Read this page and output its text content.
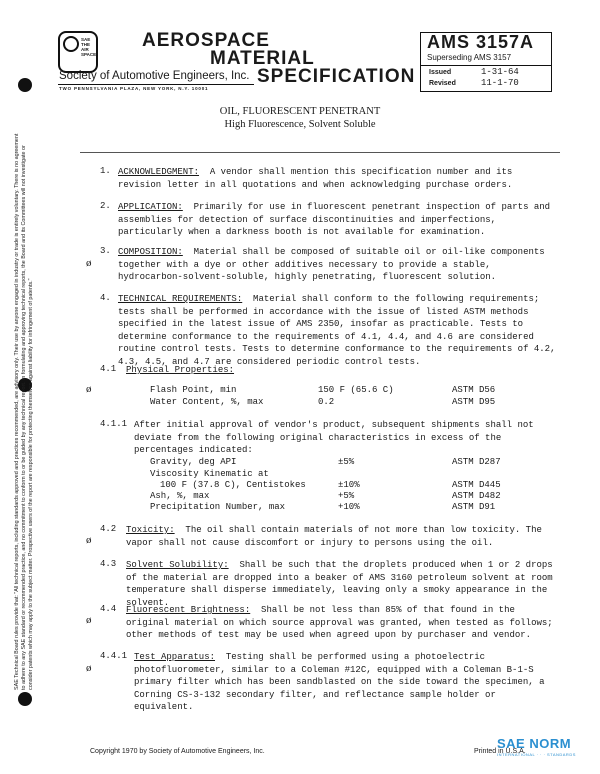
SAE
THE
AIR
SPACE
AEROSPACE
MATERIAL
SPECIFICATION
Society of Automotive Engineers, Inc.
TWO PENNSYLVANIA PLAZA, NEW YORK, N.Y. 10001
AMS 3157A
Superseding AMS 3157
Issued	1-31-64
Revised	11-1-70
OIL, FLUORESCENT PENETRANT
High Fluorescence, Solvent Soluble
SAE Technical Board rules provide that: "All technical reports, including standards approved and practices recommended, are advisory only. Their use by anyone engaged in industry or trade is entirely voluntary. There is no agreement to adhere to any SAE standard or recommended practice, and no commitment to conform to or be guided by any technical report. In formulating and approving technical reports, the Board and its Committees will not investigate or consider patents which may apply to the subject matter. Prospective users of the report are responsible for protecting themselves against liability for infringement of patents."
1. ACKNOWLEDGMENT: A vendor shall mention this specification number and its revision letter in all quotations and when acknowledging purchase orders.
2. APPLICATION: Primarily for use in fluorescent penetrant inspection of parts and assemblies for detection of surface discontinuities and imperfections, particularly when a darkness booth is not available for examination.
3.
ø
COMPOSITION: Material shall be composed of suitable oil or oil-like components together with a dye or other additives necessary to provide a stable, hydrocarbon-solvent-soluble, highly penetrating, fluorescent solution.
4. TECHNICAL REQUIREMENTS: Material shall conform to the following requirements; tests shall be performed in accordance with the issue of listed ASTM methods specified in the latest issue of AMS 2350, insofar as practicable. Tests to determine conformance to the requirements of 4.1, 4.4, and 4.6 are considered routine control tests. Tests to determine conformance to the requirements of 4.2, 4.3, 4.5, and 4.7 are considered periodic control tests.
4.1 Physical Properties:
ø	Flash Point, min	150 F (65.6 C)	ASTM D56
Water Content, %, max	0.2	ASTM D95
4.1.1 After initial approval of vendor's product, subsequent shipments shall not deviate from the following original characteristics in excess of the percentages indicated:
Gravity, deg API	±5%	ASTM D287
Viscosity Kinematic at
100 F (37.8 C), Centistokes	±10%	ASTM D445
Ash, %, max	+5%	ASTM D482
Precipitation Number, max	+10%	ASTM D91
4.2
ø
Toxicity: The oil shall contain materials of not more than low toxicity. The vapor shall not cause discomfort or injury to persons using the oil.
4.3 Solvent Solubility: Shall be such that the droplets produced when 1 or 2 drops of the material are dropped into a beaker of AMS 3160 petroleum solvent at room temperature shall disperse immediately, leaving only a smoky appearance in the solvent.
4.4
ø
Fluorescent Brightness: Shall be not less than 85% of that found in the original material on which source approval was granted, when tested as follows; other methods of test may be used when agreed upon by purchaser and vendor.
4.4.1
ø
Test Apparatus: Testing shall be performed using a photoelectric photofluorometer, similar to a Coleman #12C, equipped with a Coleman B-1-S primary filter which has been sandblasted on the side toward the specimen, a Corning CS-3-132 secondary filter, and reflectance sample holder or equivalent.
Copyright 1970 by Society of Automotive Engineers, Inc.	Printed in U.S.A.
SAE NORM
INTERNATIONAL · · · STANDARDS
